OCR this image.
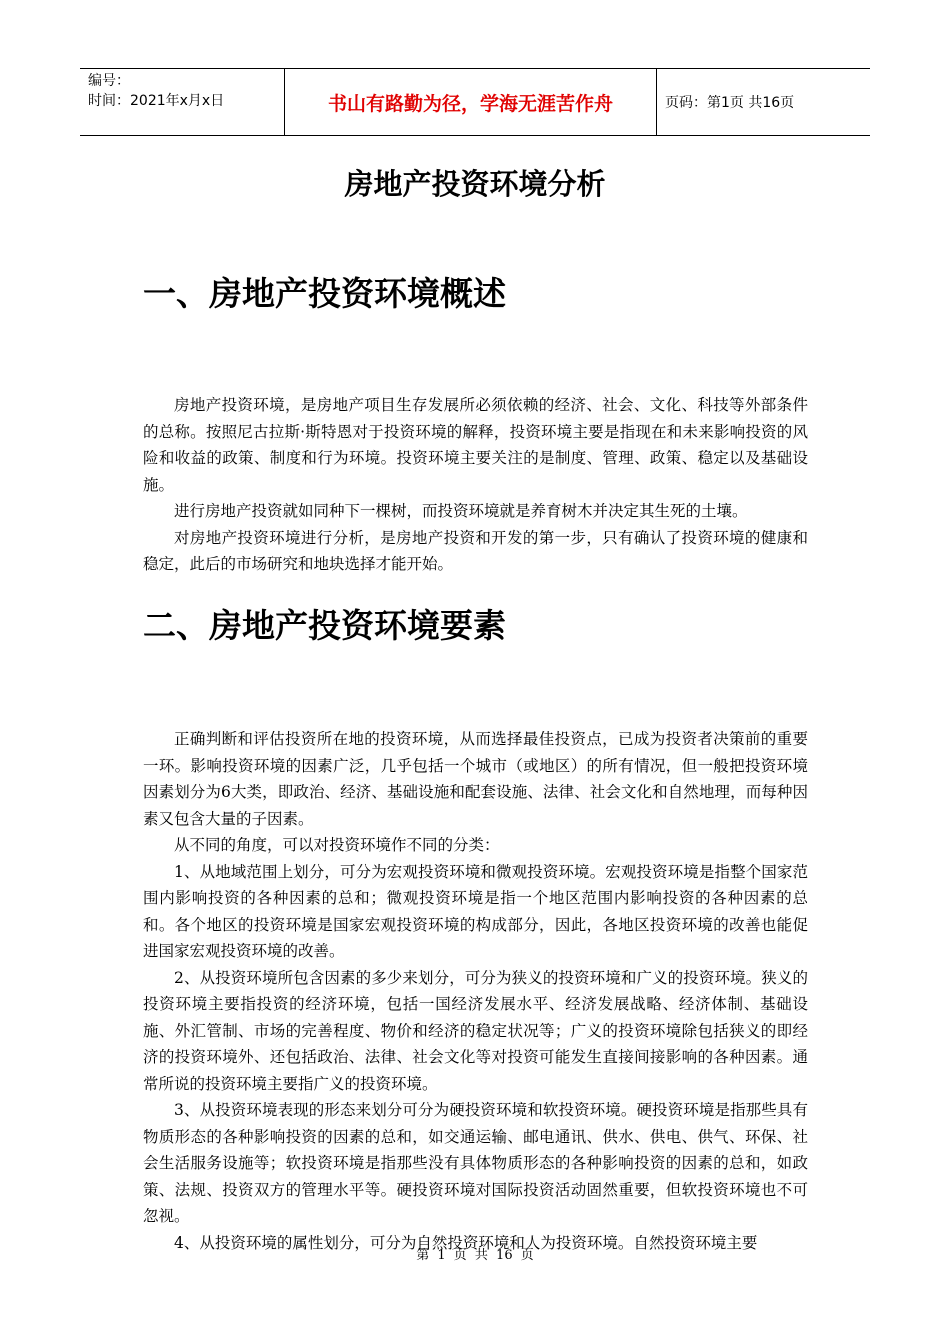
编号：
时间：2021年x月x日	书山有路勤为径，学海无涯苦作舟	页码：第1页 共16页
房地产投资环境分析
一、房地产投资环境概述

房地产投资环境，是房地产项目生存发展所必须依赖的经济、社会、文化、科技等外部条件的总称。按照尼古拉斯·斯特恩对于投资环境的解释，投资环境主要是指现在和未来影响投资的风险和收益的政策、制度和行为环境。投资环境主要关注的是制度、管理、政策、稳定以及基础设施。

进行房地产投资就如同种下一棵树，而投资环境就是养育树木并决定其生死的土壤。

对房地产投资环境进行分析，是房地产投资和开发的第一步，只有确认了投资环境的健康和稳定，此后的市场研究和地块选择才能开始。

二、房地产投资环境要素

正确判断和评估投资所在地的投资环境，从而选择最佳投资点，已成为投资者决策前的重要一环。影响投资环境的因素广泛，几乎包括一个城市（或地区）的所有情况，但一般把投资环境因素划分为6大类，即政治、经济、基础设施和配套设施、法律、社会文化和自然地理，而每种因素又包含大量的子因素。

从不同的角度，可以对投资环境作不同的分类：

1、从地域范围上划分，可分为宏观投资环境和微观投资环境。宏观投资环境是指整个国家范围内影响投资的各种因素的总和；微观投资环境是指一个地区范围内影响投资的各种因素的总和。各个地区的投资环境是国家宏观投资环境的构成部分，因此，各地区投资环境的改善也能促进国家宏观投资环境的改善。

2、从投资环境所包含因素的多少来划分，可分为狭义的投资环境和广义的投资环境。狭义的投资环境主要指投资的经济环境，包括一国经济发展水平、经济发展战略、经济体制、基础设施、外汇管制、市场的完善程度、物价和经济的稳定状况等；广义的投资环境除包括狭义的即经济的投资环境外、还包括政治、法律、社会文化等对投资可能发生直接间接影响的各种因素。通常所说的投资环境主要指广义的投资环境。

3、从投资环境表现的形态来划分可分为硬投资环境和软投资环境。硬投资环境是指那些具有物质形态的各种影响投资的因素的总和，如交通运输、邮电通讯、供水、供电、供气、环保、社会生活服务设施等；软投资环境是指那些没有具体物质形态的各种影响投资的因素的总和，如政策、法规、投资双方的管理水平等。硬投资环境对国际投资活动固然重要，但软投资环境也不可忽视。

4、从投资环境的属性划分，可分为自然投资环境和人为投资环境。自然投资环境主要

第 1 页 共 16 页
